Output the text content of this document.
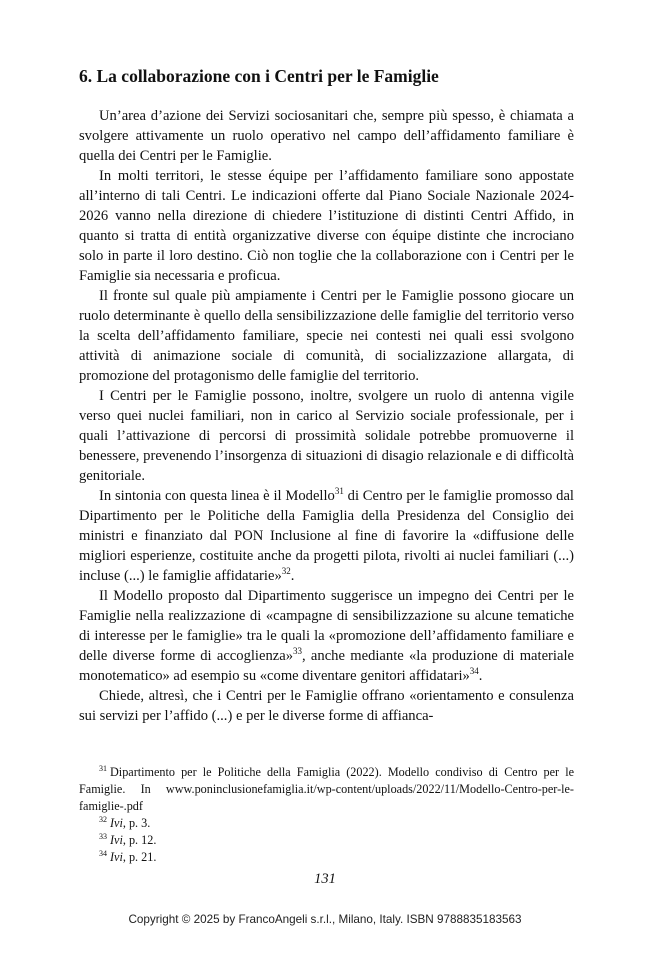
6. La collaborazione con i Centri per le Famiglie

Un’area d’azione dei Servizi sociosanitari che, sempre più spesso, è chiamata a svolgere attivamente un ruolo operativo nel campo dell’affidamento familiare è quella dei Centri per le Famiglie.

In molti territori, le stesse équipe per l’affidamento familiare sono appostate all’interno di tali Centri. Le indicazioni offerte dal Piano Sociale Nazionale 2024-2026 vanno nella direzione di chiedere l’istituzione di distinti Centri Affido, in quanto si tratta di entità organizzative diverse con équipe distinte che incrociano solo in parte il loro destino. Ciò non toglie che la collaborazione con i Centri per le Famiglie sia necessaria e proficua.

Il fronte sul quale più ampiamente i Centri per le Famiglie possono giocare un ruolo determinante è quello della sensibilizzazione delle famiglie del territorio verso la scelta dell’affidamento familiare, specie nei contesti nei quali essi svolgono attività di animazione sociale di comunità, di socializzazione allargata, di promozione del protagonismo delle famiglie del territorio.

I Centri per le Famiglie possono, inoltre, svolgere un ruolo di antenna vigile verso quei nuclei familiari, non in carico al Servizio sociale professionale, per i quali l’attivazione di percorsi di prossimità solidale potrebbe promuoverne il benessere, prevenendo l’insorgenza di situazioni di disagio relazionale e di difficoltà genitoriale.

In sintonia con questa linea è il Modello$^{31}$ di Centro per le famiglie promosso dal Dipartimento per le Politiche della Famiglia della Presidenza del Consiglio dei ministri e finanziato dal PON Inclusione al fine di favorire la «diffusione delle migliori esperienze, costituite anche da progetti pilota, rivolti ai nuclei familiari (...) incluse (...) le famiglie affidatarie»$^{32}$.

Il Modello proposto dal Dipartimento suggerisce un impegno dei Centri per le Famiglie nella realizzazione di «campagne di sensibilizzazione su alcune tematiche di interesse per le famiglie» tra le quali la «promozione dell’affidamento familiare e delle diverse forme di accoglienza»$^{33}$, anche mediante «la produzione di materiale monotematico» ad esempio su «come diventare genitori affidatari»$^{34}$.

Chiede, altresì, che i Centri per le Famiglie offrano «orientamento e consulenza sui servizi per l’affido (...) e per le diverse forme di affianca-

$^{31}$ Dipartimento per le Politiche della Famiglia (2022). Modello condiviso di Centro per le Famiglie. In www.poninclusionefamiglia.it/wp-content/uploads/2022/11/Modello-Centro-per-le-famiglie-.pdf

$^{32}$ Ivi, p. 3.

$^{33}$ Ivi, p. 12.

$^{34}$ Ivi, p. 21.

131
Copyright © 2025 by FrancoAngeli s.r.l., Milano, Italy. ISBN 9788835183563
